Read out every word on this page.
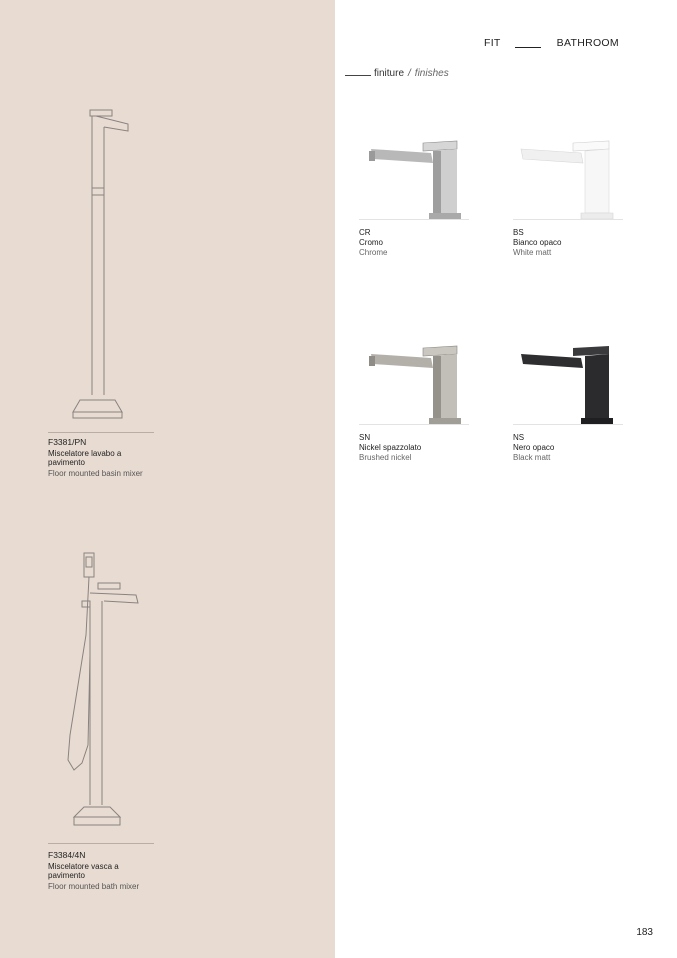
FIT	BATHROOM
finiture / finishes
F3381/PN
Miscelatore lavabo a pavimento
Floor mounted basin mixer
F3384/4N
Miscelatore vasca a pavimento
Floor mounted bath mixer
CR
Cromo
Chrome
BS
Bianco opaco
White matt
SN
Nickel spazzolato
Brushed nickel
NS
Nero opaco
Black matt
183
